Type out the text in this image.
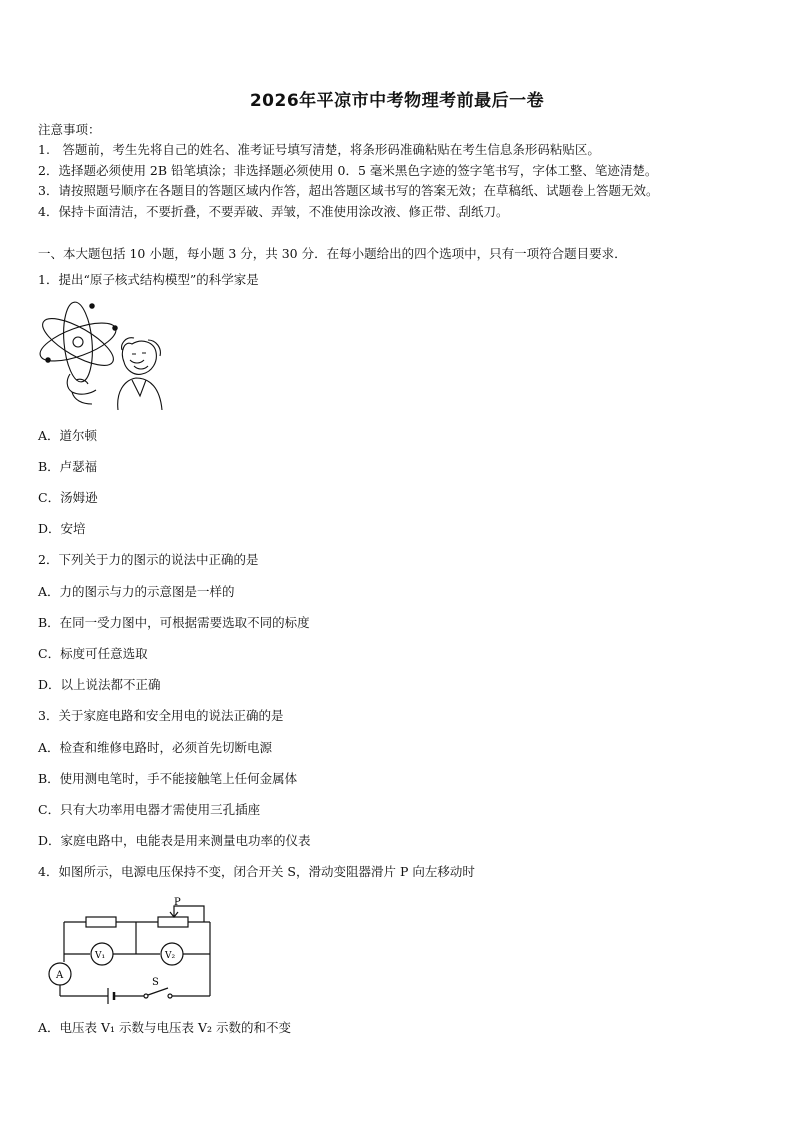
2026年平凉市中考物理考前最后一卷
注意事项：
1.　答题前，考生先将自己的姓名、准考证号填写清楚，将条形码准确粘贴在考生信息条形码粘贴区。
2．选择题必须使用 2B 铅笔填涂；非选择题必须使用 0．5 毫米黑色字迹的签字笔书写，字体工整、笔迹清楚。
3．请按照题号顺序在各题目的答题区域内作答，超出答题区域书写的答案无效；在草稿纸、试题卷上答题无效。
4．保持卡面清洁，不要折叠，不要弄破、弄皱，不准使用涂改液、修正带、刮纸刀。
一、本大题包括 10 小题，每小题 3 分，共 30 分．在每小题给出的四个选项中，只有一项符合题目要求．
1．提出“原子核式结构模型”的科学家是
A．道尔顿
B．卢瑟福
C．汤姆逊
D．安培
2．下列关于力的图示的说法中正确的是
A．力的图示与力的示意图是一样的
B．在同一受力图中，可根据需要选取不同的标度
C．标度可任意选取
D．以上说法都不正确
3．关于家庭电路和安全用电的说法正确的是
A．检查和维修电路时，必须首先切断电源
B．使用测电笔时，手不能接触笔上任何金属体
C．只有大功率用电器才需使用三孔插座
D．家庭电路中，电能表是用来测量电功率的仪表
4．如图所示，电源电压保持不变，闭合开关 S，滑动变阻器滑片 P 向左移动时
P
V₁	V₂
A
S
A．电压表 V₁ 示数与电压表 V₂ 示数的和不变
